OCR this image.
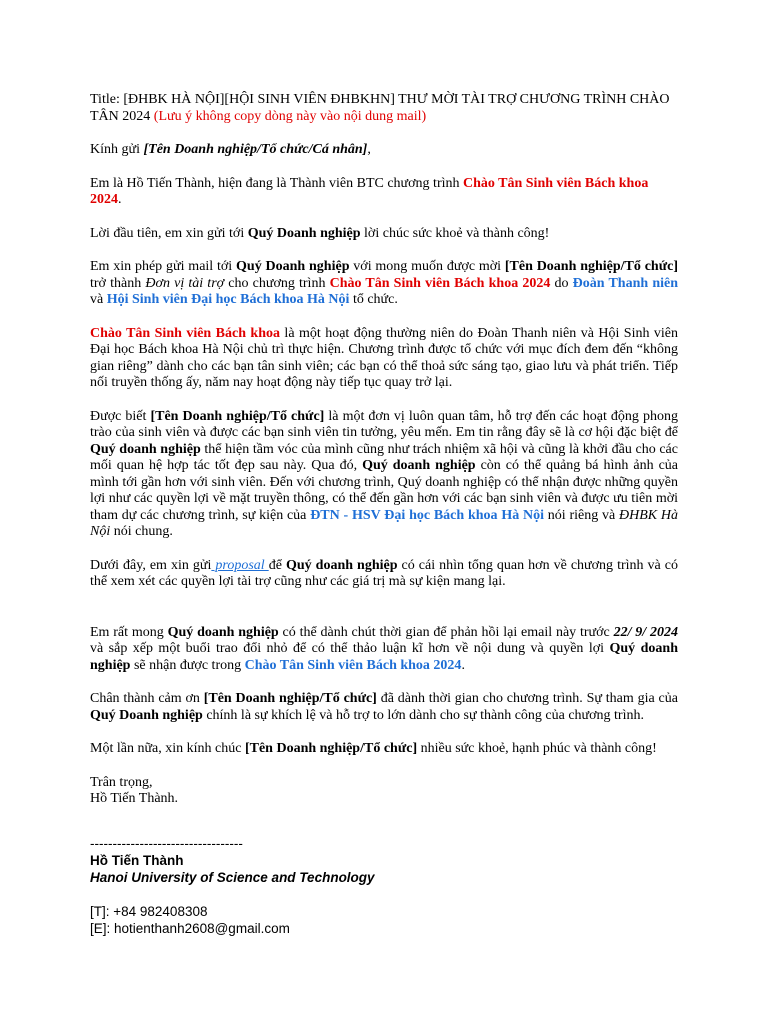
Title: [ĐHBK HÀ NỘI][HỘI SINH VIÊN ĐHBKHN] THƯ MỜI TÀI TRỢ CHƯƠNG TRÌNH CHÀO TÂN 2024 (Lưu ý không copy dòng này vào nội dung mail)

Kính gửi [Tên Doanh nghiệp/Tổ chức/Cá nhân],

Em là Hồ Tiến Thành, hiện đang là Thành viên BTC chương trình Chào Tân Sinh viên Bách khoa 2024.

Lời đầu tiên, em xin gửi tới Quý Doanh nghiệp lời chúc sức khoẻ và thành công!

Em xin phép gửi mail tới Quý Doanh nghiệp với mong muốn được mời [Tên Doanh nghiệp/Tổ chức] trở thành Đơn vị tài trợ cho chương trình Chào Tân Sinh viên Bách khoa 2024 do Đoàn Thanh niên và Hội Sinh viên Đại học Bách khoa Hà Nội tổ chức.

Chào Tân Sinh viên Bách khoa là một hoạt động thường niên do Đoàn Thanh niên và Hội Sinh viên Đại học Bách khoa Hà Nội chủ trì thực hiện. Chương trình được tổ chức với mục đích đem đến “không gian riêng” dành cho các bạn tân sinh viên; các bạn có thể thoả sức sáng tạo, giao lưu và phát triển. Tiếp nối truyền thống ấy, năm nay hoạt động này tiếp tục quay trở lại.

Được biết [Tên Doanh nghiệp/Tổ chức] là một đơn vị luôn quan tâm, hỗ trợ đến các hoạt động phong trào của sinh viên và được các bạn sinh viên tin tưởng, yêu mến. Em tin rằng đây sẽ là cơ hội đặc biệt để Quý doanh nghiệp thể hiện tầm vóc của mình cũng như trách nhiệm xã hội và cũng là khởi đầu cho các mối quan hệ hợp tác tốt đẹp sau này. Qua đó, Quý doanh nghiệp còn có thể quảng bá hình ảnh của mình tới gần hơn với sinh viên. Đến với chương trình, Quý doanh nghiệp có thể nhận được những quyền lợi như các quyền lợi về mặt truyền thông, có thể đến gần hơn với các bạn sinh viên và được ưu tiên mời tham dự các chương trình, sự kiện của ĐTN - HSV Đại học Bách khoa Hà Nội nói riêng và ĐHBK Hà Nội nói chung.

Dưới đây, em xin gửi proposal để Quý doanh nghiệp có cái nhìn tổng quan hơn về chương trình và có thể xem xét các quyền lợi tài trợ cũng như các giá trị mà sự kiện mang lại.

Em rất mong Quý doanh nghiệp có thể dành chút thời gian để phản hồi lại email này trước 22/ 9/ 2024 và sắp xếp một buổi trao đổi nhỏ để có thể thảo luận kĩ hơn về nội dung và quyền lợi Quý doanh nghiệp sẽ nhận được trong Chào Tân Sinh viên Bách khoa 2024.

Chân thành cảm ơn [Tên Doanh nghiệp/Tổ chức] đã dành thời gian cho chương trình. Sự tham gia của Quý Doanh nghiệp chính là sự khích lệ và hỗ trợ to lớn dành cho sự thành công của chương trình.

Một lần nữa, xin kính chúc [Tên Doanh nghiệp/Tổ chức] nhiều sức khoẻ, hạnh phúc và thành công!

Trân trọng,
Hồ Tiến Thành.

----------------------------------
Hồ Tiến Thành
Hanoi University of Science and Technology
[T]: +84 982408308
[E]: hotienthanh2608@gmail.com
